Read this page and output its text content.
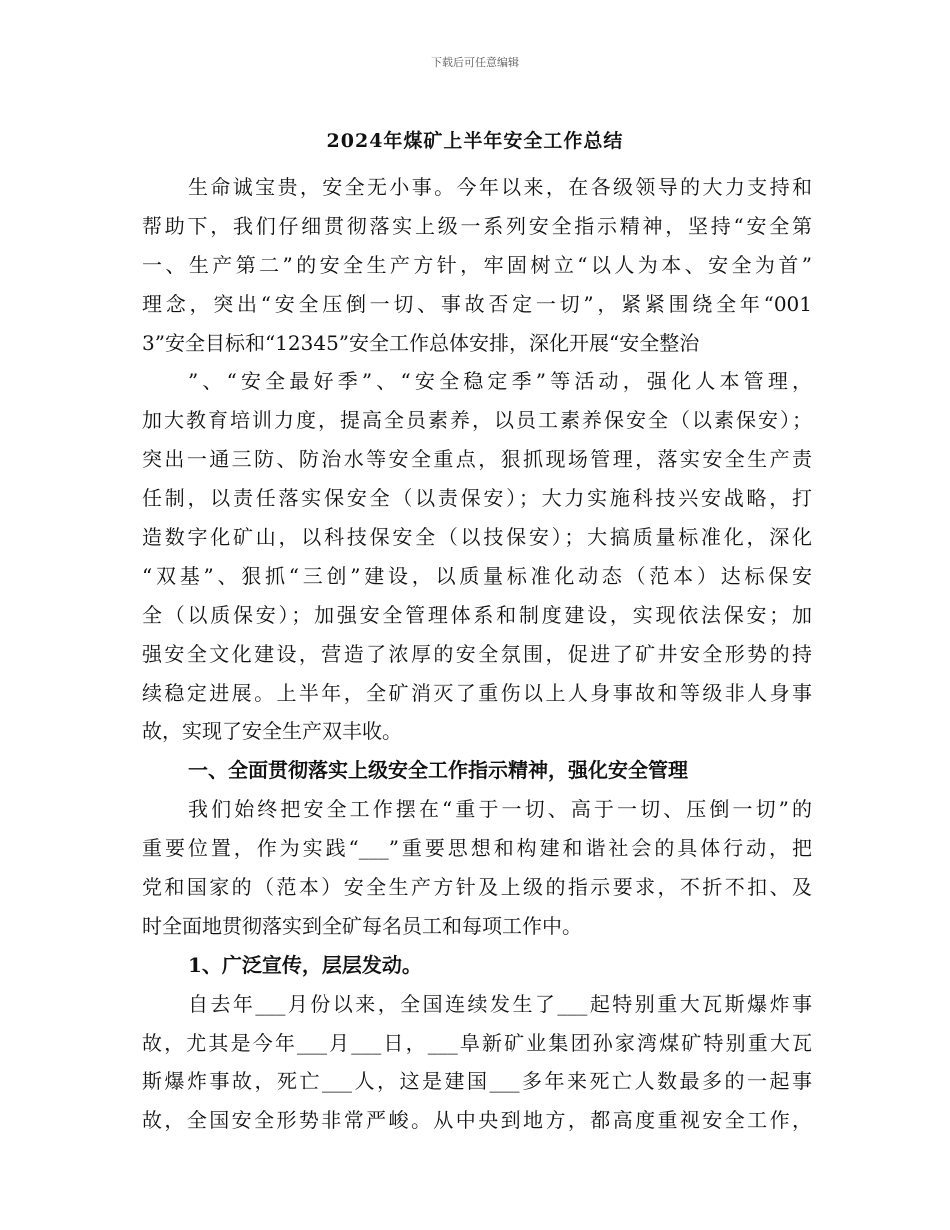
下载后可任意编辑
2024年煤矿上半年安全工作总结
生命诚宝贵，安全无小事。今年以来，在各级领导的大力支持和
帮助下，我们仔细贯彻落实上级一系列安全指示精神，坚持“安全第
一、生产第二”的安全生产方针，牢固树立“以人为本、安全为首”
理念，突出“安全压倒一切、事故否定一切”，紧紧围绕全年“001
3”安全目标和“12345”安全工作总体安排，深化开展“安全整治
”、“安全最好季”、“安全稳定季”等活动，强化人本管理，
加大教育培训力度，提高全员素养，以员工素养保安全（以素保安）；
突出一通三防、防治水等安全重点，狠抓现场管理，落实安全生产责
任制，以责任落实保安全（以责保安）；大力实施科技兴安战略，打
造数字化矿山，以科技保安全（以技保安）；大搞质量标准化，深化
“双基”、狠抓“三创”建设，以质量标准化动态（范本）达标保安
全（以质保安）；加强安全管理体系和制度建设，实现依法保安；加
强安全文化建设，营造了浓厚的安全氛围，促进了矿井安全形势的持
续稳定进展。上半年，全矿消灭了重伤以上人身事故和等级非人身事
故，实现了安全生产双丰收。
一、全面贯彻落实上级安全工作指示精神，强化安全管理
我们始终把安全工作摆在“重于一切、高于一切、压倒一切”的
重要位置，作为实践“___”重要思想和构建和谐社会的具体行动，把
党和国家的（范本）安全生产方针及上级的指示要求，不折不扣、及
时全面地贯彻落实到全矿每名员工和每项工作中。
1、广泛宣传，层层发动。
自去年___月份以来，全国连续发生了___起特别重大瓦斯爆炸事
故，尤其是今年___月___日，___阜新矿业集团孙家湾煤矿特别重大瓦
斯爆炸事故，死亡___人，这是建国___多年来死亡人数最多的一起事
故，全国安全形势非常严峻。从中央到地方，都高度重视安全工作，
